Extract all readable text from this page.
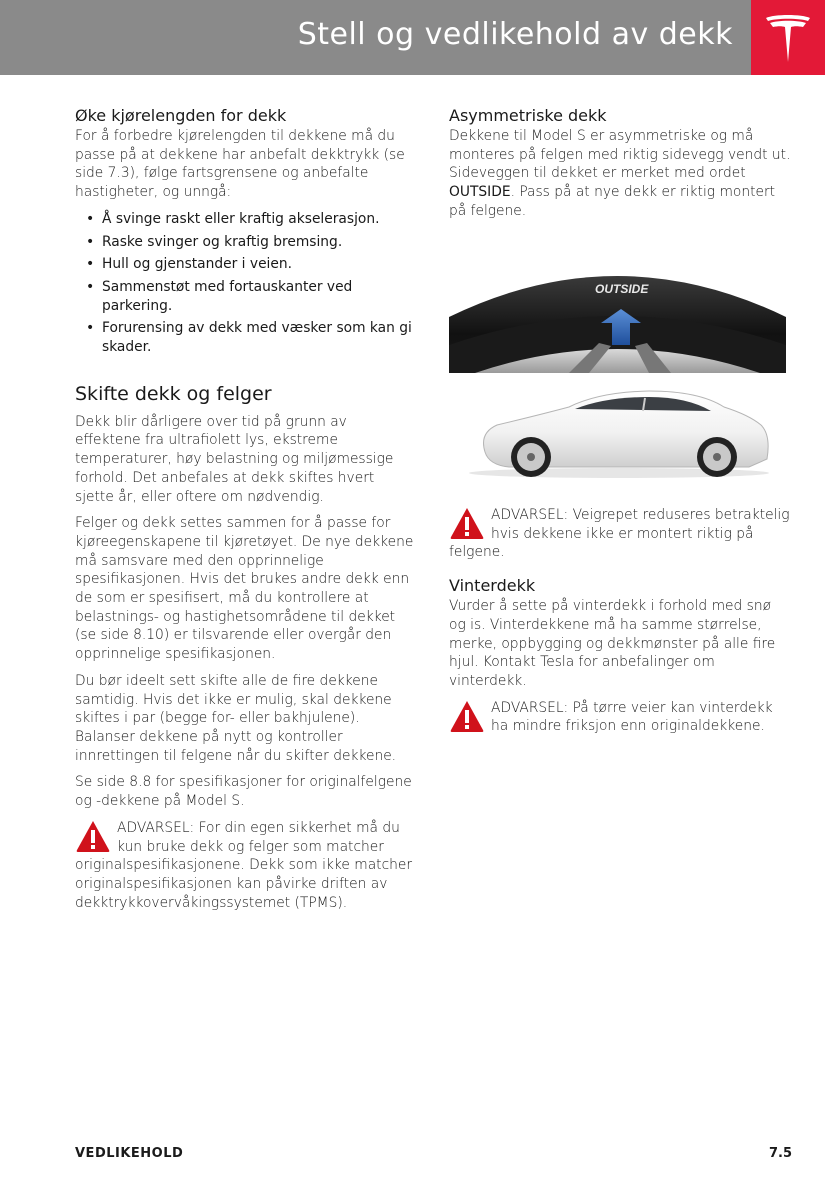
Stell og vedlikehold av dekk
Øke kjørelengden for dekk

For å forbedre kjørelengden til dekkene må du passe på at dekkene har anbefalt dekktrykk (se side 7.3), følge fartsgrensene og anbefalte hastigheter, og unngå:

• Å svinge raskt eller kraftig akselerasjon.
• Raske svinger og kraftig bremsing.
• Hull og gjenstander i veien.
• Sammenstøt med fortauskanter ved parkering.
• Forurensing av dekk med væsker som kan gi skader.
Skifte dekk og felger

Dekk blir dårligere over tid på grunn av effektene fra ultrafiolett lys, ekstreme temperaturer, høy belastning og miljømessige forhold. Det anbefales at dekk skiftes hvert sjette år, eller oftere om nødvendig.

Felger og dekk settes sammen for å passe for kjøreegenskapene til kjøretøyet. De nye dekkene må samsvare med den opprinnelige spesifikasjonen. Hvis det brukes andre dekk enn de som er spesifisert, må du kontrollere at belastnings- og hastighetsområdene til dekket (se side 8.10) er tilsvarende eller overgår den opprinnelige spesifikasjonen.

Du bør ideelt sett skifte alle de fire dekkene samtidig. Hvis det ikke er mulig, skal dekkene skiftes i par (begge for- eller bakhjulene). Balanser dekkene på nytt og kontroller innrettingen til felgene når du skifter dekkene.

Se side 8.8 for spesifikasjoner for originalfelgene og -dekkene på Model S.

ADVARSEL: For din egen sikkerhet må du kun bruke dekk og felger som matcher originalspesifikasjonene. Dekk som ikke matcher originalspesifikasjonen kan påvirke driften av dekktrykkovervåkingssystemet (TPMS).

Asymmetriske dekk

Dekkene til Model S er asymmetriske og må monteres på felgen med riktig sidevegg vendt ut. Sideveggen til dekket er merket med ordet OUTSIDE. Pass på at nye dekk er riktig montert på felgene.

OUTSIDE

ADVARSEL: Veigrepet reduseres betraktelig hvis dekkene ikke er montert riktig på felgene.

Vinterdekk

Vurder å sette på vinterdekk i forhold med snø og is. Vinterdekkene må ha samme størrelse, merke, oppbygging og dekkmønster på alle fire hjul. Kontakt Tesla for anbefalinger om vinterdekk.

ADVARSEL: På tørre veier kan vinterdekk ha mindre friksjon enn originaldekkene.

VEDLIKEHOLD	7.5
